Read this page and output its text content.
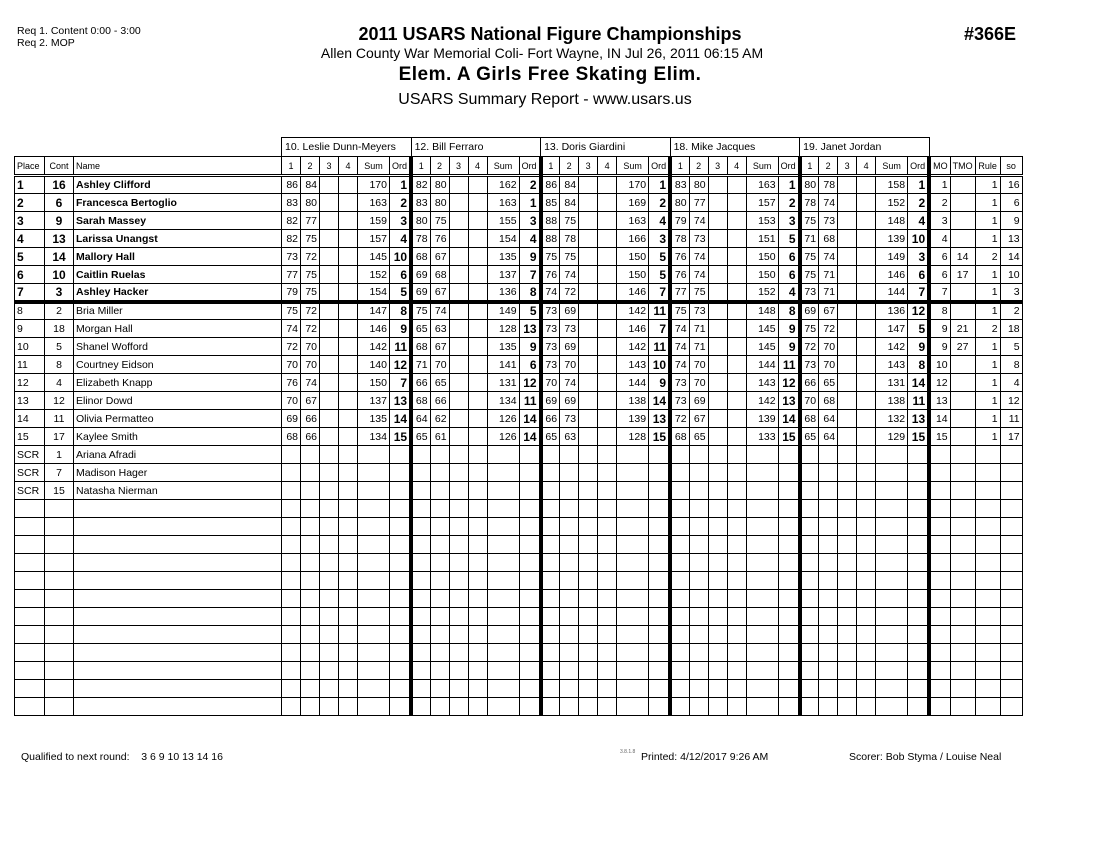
Req 1. Content 0:00 - 3:00
Req 2. MOP	2011 USARS National Figure Championships
Allen County War Memorial Coli- Fort Wayne, IN Jul 26, 2011 06:15 AM
Elem. A Girls Free Skating Elim.
USARS Summary Report - www.usars.us
#366E
			10. Leslie Dunn-Meyers						12. Bill Ferraro						13. Doris Giardini						18. Mike Jacques						19. Janet Jordan									
Place	Cont	Name	1	2	3	4	Sum	Ord	1	2	3	4	Sum	Ord	1	2	3	4	Sum	Ord	1	2	3	4	Sum	Ord	1	2	3	4	Sum	Ord	MO	TMO	Rule	so
1	16	Ashley Clifford	86	84			170	1	82	80			162	2	86	84			170	1	83	80			163	1	80	78			158	1	1		1	16
2	6	Francesca Bertoglio	83	80			163	2	83	80			163	1	85	84			169	2	80	77			157	2	78	74			152	2	2		1	6
3	9	Sarah Massey	82	77			159	3	80	75			155	3	88	75			163	4	79	74			153	3	75	73			148	4	3		1	9
4	13	Larissa Unangst	82	75			157	4	78	76			154	4	88	78			166	3	78	73			151	5	71	68			139	10	4		1	13
5	14	Mallory Hall	73	72			145	10	68	67			135	9	75	75			150	5	76	74			150	6	75	74			149	3	6	14	2	14
6	10	Caitlin Ruelas	77	75			152	6	69	68			137	7	76	74			150	5	76	74			150	6	75	71			146	6	6	17	1	10
7	3	Ashley Hacker	79	75			154	5	69	67			136	8	74	72			146	7	77	75			152	4	73	71			144	7	7		1	3
8	2	Bria Miller	75	72			147	8	75	74			149	5	73	69			142	11	75	73			148	8	69	67			136	12	8		1	2
9	18	Morgan Hall	74	72			146	9	65	63			128	13	73	73			146	7	74	71			145	9	75	72			147	5	9	21	2	18
10	5	Shanel Wofford	72	70			142	11	68	67			135	9	73	69			142	11	74	71			145	9	72	70			142	9	9	27	1	5
11	8	Courtney Eidson	70	70			140	12	71	70			141	6	73	70			143	10	74	70			144	11	73	70			143	8	10		1	8
12	4	Elizabeth Knapp	76	74			150	7	66	65			131	12	70	74			144	9	73	70			143	12	66	65			131	14	12		1	4
13	12	Elinor Dowd	70	67			137	13	68	66			134	11	69	69			138	14	73	69			142	13	70	68			138	11	13		1	12
14	11	Olivia Permatteo	69	66			135	14	64	62			126	14	66	73			139	13	72	67			139	14	68	64			132	13	14		1	11
15	17	Kaylee Smith	68	66			134	15	65	61			126	14	65	63			128	15	68	65			133	15	65	64			129	15	15		1	17
SCR	1	Ariana Afradi																																		
SCR	7	Madison Hager																																		
SCR	15	Natasha Nierman																																		

Qualified to next round: 3 6 9 10 13 14 16	3.8.1.8 Printed: 4/12/2017 9:26 AM	Scorer: Bob Styma / Louise Neal
